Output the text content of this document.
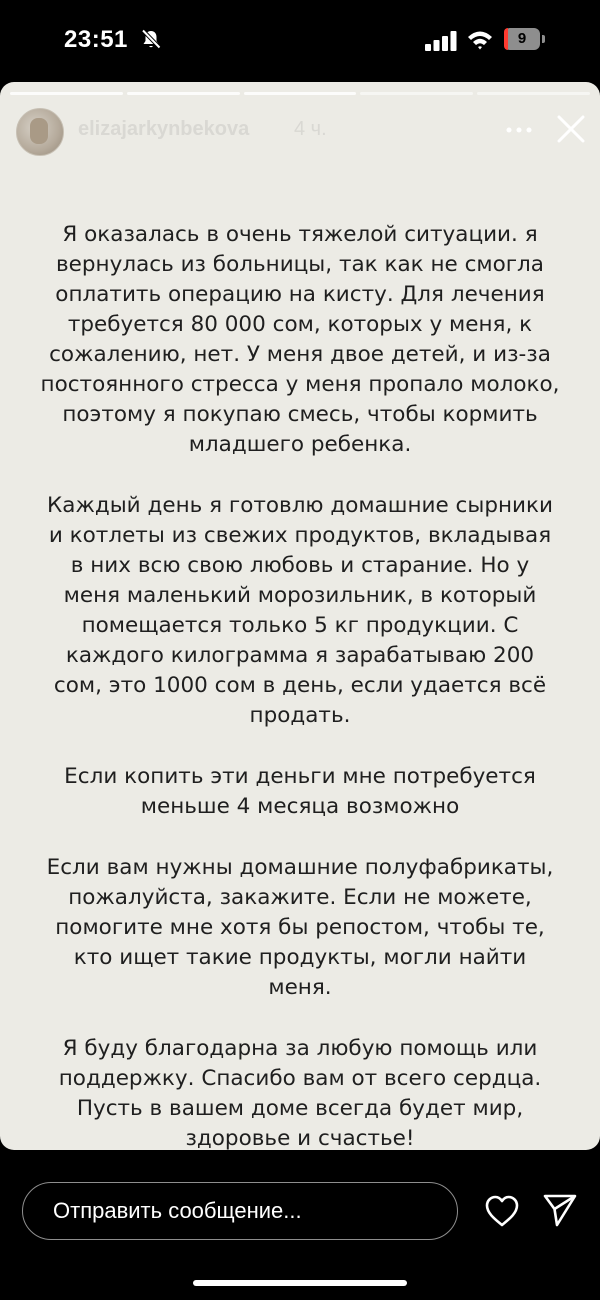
23:51	9
elizajarkynbekova 4 ч.

Я оказалась в очень тяжелой ситуации. я вернулась из больницы, так как не смогла оплатить операцию на кисту. Для лечения требуется 80 000 сом, которых у меня, к сожалению, нет. У меня двое детей, и из-за постоянного стресса у меня пропало молоко, поэтому я покупаю смесь, чтобы кормить младшего ребенка.

Каждый день я готовлю домашние сырники и котлеты из свежих продуктов, вкладывая в них всю свою любовь и старание. Но у меня маленький морозильник, в который помещается только 5 кг продукции. С каждого килограмма я зарабатываю 200 сом, это 1000 сом в день, если удается всё продать.

Если копить эти деньги мне потребуется меньше 4 месяца возможно

Если вам нужны домашние полуфабрикаты, пожалуйста, закажите. Если не можете, помогите мне хотя бы репостом, чтобы те, кто ищет такие продукты, могли найти меня.

Я буду благодарна за любую помощь или поддержку. Спасибо вам от всего сердца. Пусть в вашем доме всегда будет мир, здоровье и счастье!

Отправить сообщение...
